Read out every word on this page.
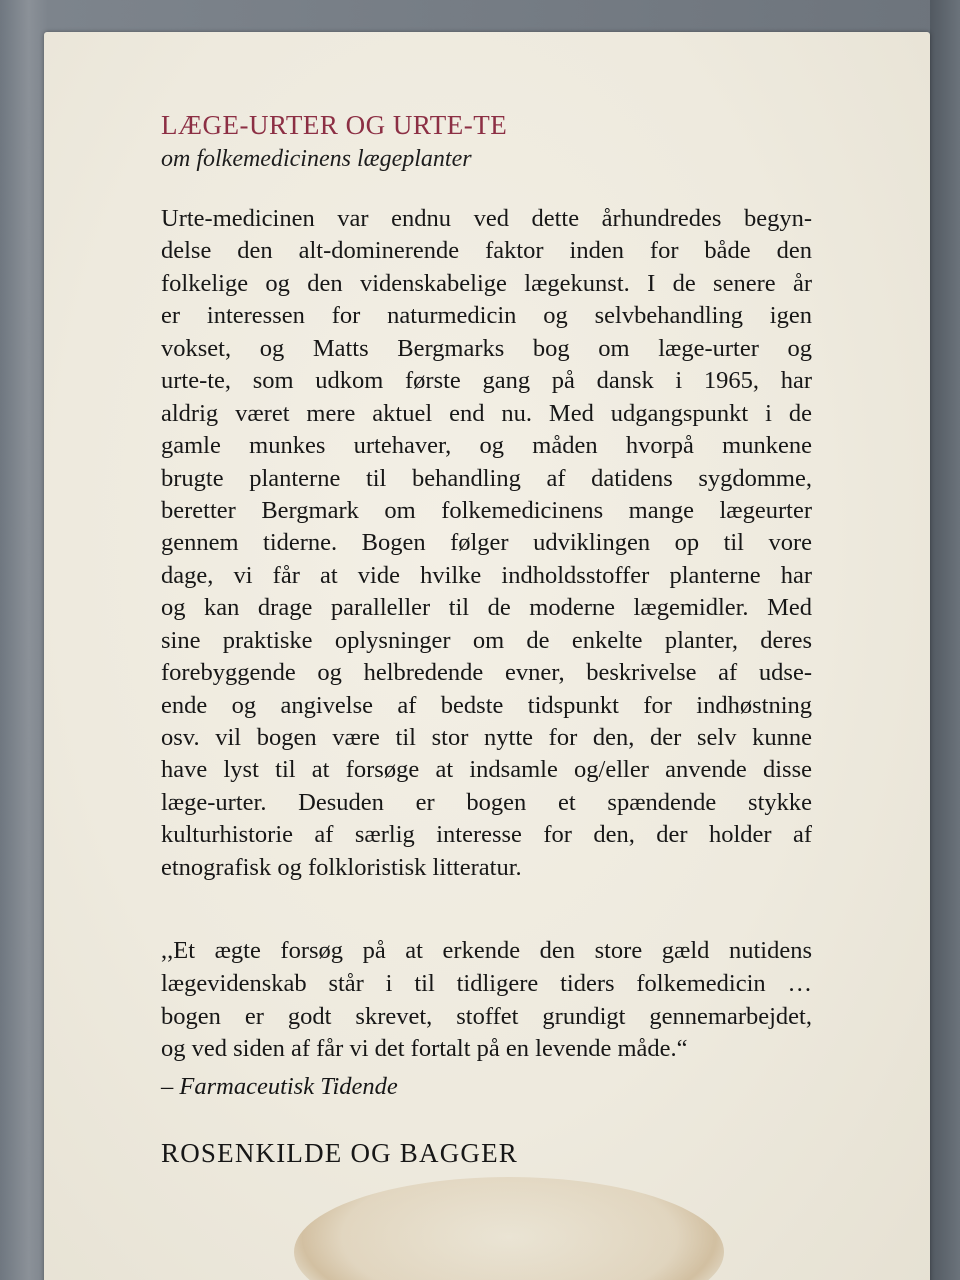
LÆGE-URTER OG URTE-TE
om folkemedicinens lægeplanter
Urte-medicinen var endnu ved dette århundredes begyn-
delse den alt-dominerende faktor inden for både den
folkelige og den videnskabelige lægekunst. I de senere år
er interessen for naturmedicin og selvbehandling igen
vokset, og Matts Bergmarks bog om læge-urter og
urte-te, som udkom første gang på dansk i 1965, har
aldrig været mere aktuel end nu. Med udgangspunkt i de
gamle munkes urtehaver, og måden hvorpå munkene
brugte planterne til behandling af datidens sygdomme,
beretter Bergmark om folkemedicinens mange lægeurter
gennem tiderne. Bogen følger udviklingen op til vore
dage, vi får at vide hvilke indholdsstoffer planterne har
og kan drage paralleller til de moderne lægemidler. Med
sine praktiske oplysninger om de enkelte planter, deres
forebyggende og helbredende evner, beskrivelse af udse-
ende og angivelse af bedste tidspunkt for indhøstning
osv. vil bogen være til stor nytte for den, der selv kunne
have lyst til at forsøge at indsamle og/eller anvende disse
læge-urter. Desuden er bogen et spændende stykke
kulturhistorie af særlig interesse for den, der holder af
etnografisk og folkloristisk litteratur.
,,Et ægte forsøg på at erkende den store gæld nutidens
lægevidenskab står i til tidligere tiders folkemedicin …
bogen er godt skrevet, stoffet grundigt gennemarbejdet,
og ved siden af får vi det fortalt på en levende måde.“
– Farmaceutisk Tidende
ROSENKILDE OG BAGGER
